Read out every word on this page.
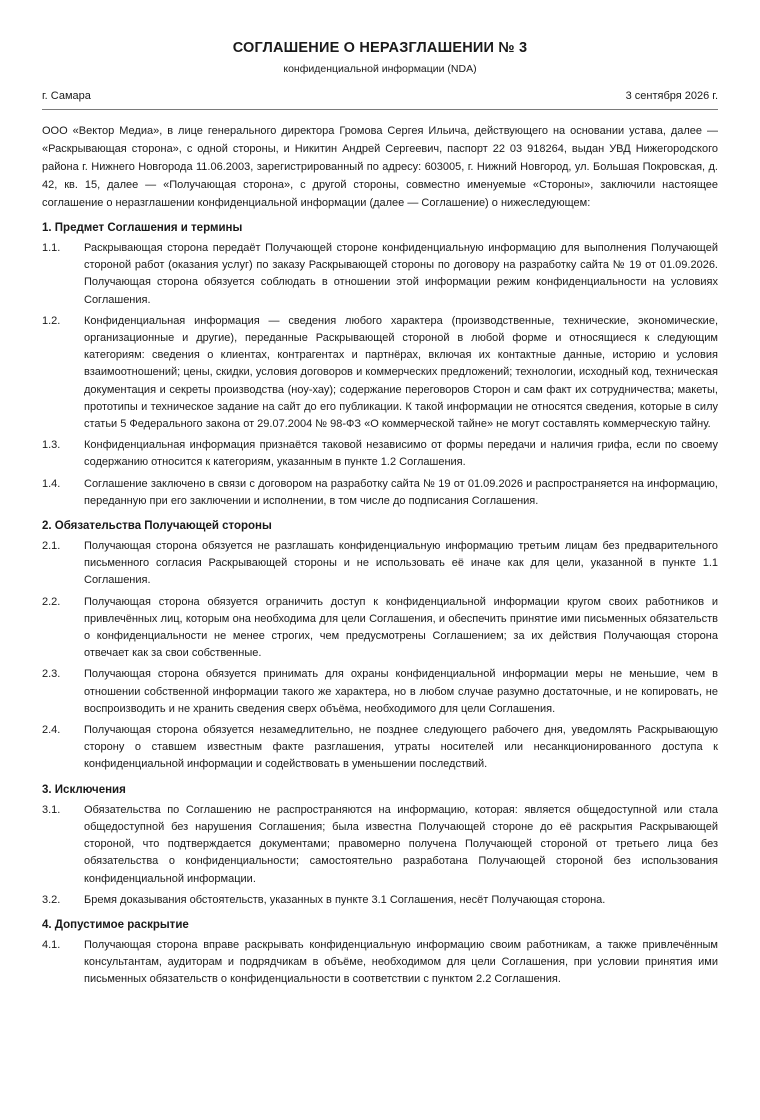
СОГЛАШЕНИЕ О НЕРАЗГЛАШЕНИИ № 3
конфиденциальной информации (NDA)
г. Самара	3 сентября 2026 г.

ООО «Вектор Медиа», в лице генерального директора Громова Сергея Ильича, действующего на основании устава, далее — «Раскрывающая сторона», с одной стороны, и Никитин Андрей Сергеевич, паспорт 22 03 918264, выдан УВД Нижегородского района г. Нижнего Новгорода 11.06.2003, зарегистрированный по адресу: 603005, г. Нижний Новгород, ул. Большая Покровская, д. 42, кв. 15, далее — «Получающая сторона», с другой стороны, совместно именуемые «Стороны», заключили настоящее соглашение о неразглашении конфиденциальной информации (далее — Соглашение) о нижеследующем:

1. Предмет Соглашения и термины
1.1.	Раскрывающая сторона передаёт Получающей стороне конфиденциальную информацию для выполнения Получающей стороной работ (оказания услуг) по заказу Раскрывающей стороны по договору на разработку сайта № 19 от 01.09.2026. Получающая сторона обязуется соблюдать в отношении этой информации режим конфиденциальности на условиях Соглашения.
1.2.	Конфиденциальная информация — сведения любого характера (производственные, технические, экономические, организационные и другие), переданные Раскрывающей стороной в любой форме и относящиеся к следующим категориям: сведения о клиентах, контрагентах и партнёрах, включая их контактные данные, историю и условия взаимоотношений; цены, скидки, условия договоров и коммерческих предложений; технологии, исходный код, техническая документация и секреты производства (ноу-хау); содержание переговоров Сторон и сам факт их сотрудничества; макеты, прототипы и техническое задание на сайт до его публикации. К такой информации не относятся сведения, которые в силу статьи 5 Федерального закона от 29.07.2004 № 98-ФЗ «О коммерческой тайне» не могут составлять коммерческую тайну.
1.3.	Конфиденциальная информация признаётся таковой независимо от формы передачи и наличия грифа, если по своему содержанию относится к категориям, указанным в пункте 1.2 Соглашения.
1.4.	Соглашение заключено в связи с договором на разработку сайта № 19 от 01.09.2026 и распространяется на информацию, переданную при его заключении и исполнении, в том числе до подписания Соглашения.
2. Обязательства Получающей стороны
2.1.	Получающая сторона обязуется не разглашать конфиденциальную информацию третьим лицам без предварительного письменного согласия Раскрывающей стороны и не использовать её иначе как для цели, указанной в пункте 1.1 Соглашения.
2.2.	Получающая сторона обязуется ограничить доступ к конфиденциальной информации кругом своих работников и привлечённых лиц, которым она необходима для цели Соглашения, и обеспечить принятие ими письменных обязательств о конфиденциальности не менее строгих, чем предусмотрены Соглашением; за их действия Получающая сторона отвечает как за свои собственные.
2.3.	Получающая сторона обязуется принимать для охраны конфиденциальной информации меры не меньшие, чем в отношении собственной информации такого же характера, но в любом случае разумно достаточные, и не копировать, не воспроизводить и не хранить сведения сверх объёма, необходимого для цели Соглашения.
2.4.	Получающая сторона обязуется незамедлительно, не позднее следующего рабочего дня, уведомлять Раскрывающую сторону о ставшем известным факте разглашения, утраты носителей или несанкционированного доступа к конфиденциальной информации и содействовать в уменьшении последствий.
3. Исключения
3.1.	Обязательства по Соглашению не распространяются на информацию, которая: является общедоступной или стала общедоступной без нарушения Соглашения; была известна Получающей стороне до её раскрытия Раскрывающей стороной, что подтверждается документами; правомерно получена Получающей стороной от третьего лица без обязательства о конфиденциальности; самостоятельно разработана Получающей стороной без использования конфиденциальной информации.
3.2.	Бремя доказывания обстоятельств, указанных в пункте 3.1 Соглашения, несёт Получающая сторона.
4. Допустимое раскрытие
4.1.	Получающая сторона вправе раскрывать конфиденциальную информацию своим работникам, а также привлечённым консультантам, аудиторам и подрядчикам в объёме, необходимом для цели Соглашения, при условии принятия ими письменных обязательств о конфиденциальности в соответствии с пунктом 2.2 Соглашения.
